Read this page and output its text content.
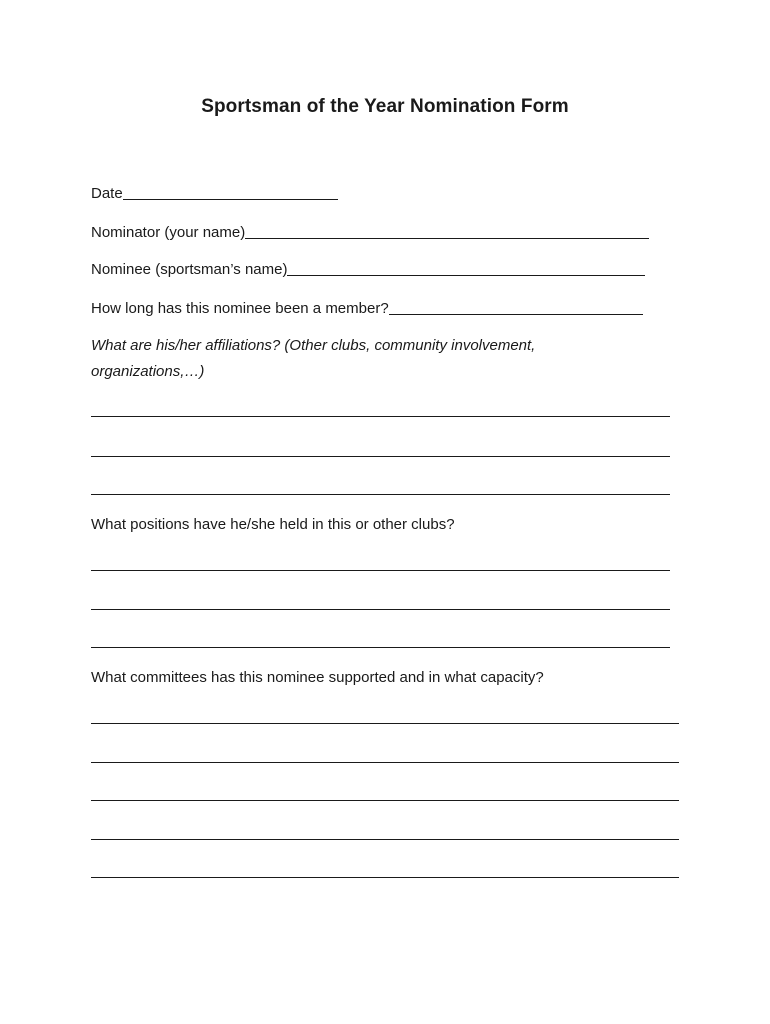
Sportsman of the Year Nomination Form
Date
Nominator (your name)
Nominee (sportsman’s name)
How long has this nominee been a member?
What are his/her affiliations? (Other clubs, community involvement,
organizations,…)
What positions have he/she held in this or other clubs?
What committees has this nominee supported and in what capacity?
